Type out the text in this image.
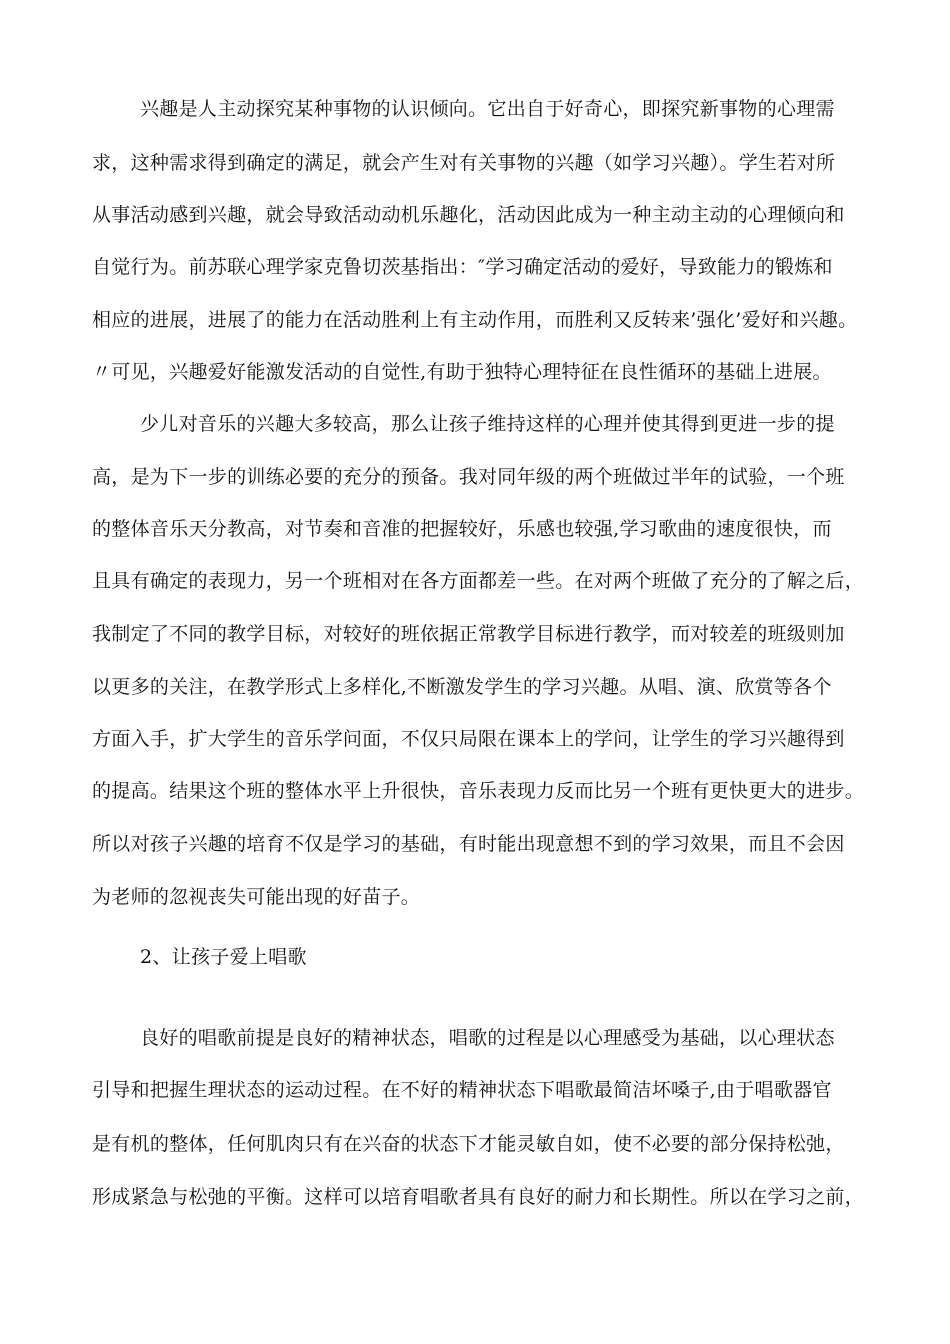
兴趣是人主动探究某种事物的认识倾向。它出自于好奇心，即探究新事物的心理需
求，这种需求得到确定的满足，就会产生对有关事物的兴趣（如学习兴趣）。学生若对所
从事活动感到兴趣，就会导致活动动机乐趣化，活动因此成为一种主动主动的心理倾向和
自觉行为。前苏联心理学家克鲁切茨基指出：″学习确定活动的爱好，导致能力的锻炼和
相应的进展，进展了的能力在活动胜利上有主动作用，而胜利又反转来’强化’爱好和兴趣。
〃可见，兴趣爱好能激发活动的自觉性,有助于独特心理特征在良性循环的基础上进展。
少儿对音乐的兴趣大多较高，那么让孩子维持这样的心理并使其得到更进一步的提
高，是为下一步的训练必要的充分的预备。我对同年级的两个班做过半年的试验，一个班
的整体音乐天分教高，对节奏和音准的把握较好，乐感也较强,学习歌曲的速度很快，而
且具有确定的表现力，另一个班相对在各方面都差一些。在对两个班做了充分的了解之后，
我制定了不同的教学目标，对较好的班依据正常教学目标进行教学，而对较差的班级则加
以更多的关注，在教学形式上多样化,不断激发学生的学习兴趣。从唱、演、欣赏等各个
方面入手，扩大学生的音乐学问面，不仅只局限在课本上的学问，让学生的学习兴趣得到
的提高。结果这个班的整体水平上升很快，音乐表现力反而比另一个班有更快更大的进步。
所以对孩子兴趣的培育不仅是学习的基础，有时能出现意想不到的学习效果，而且不会因
为老师的忽视丧失可能出现的好苗子。
2、让孩子爱上唱歌
良好的唱歌前提是良好的精神状态，唱歌的过程是以心理感受为基础，以心理状态
引导和把握生理状态的运动过程。在不好的精神状态下唱歌最简洁坏嗓子,由于唱歌器官
是有机的整体，任何肌肉只有在兴奋的状态下才能灵敏自如，使不必要的部分保持松弛，
形成紧急与松弛的平衡。这样可以培育唱歌者具有良好的耐力和长期性。所以在学习之前，
